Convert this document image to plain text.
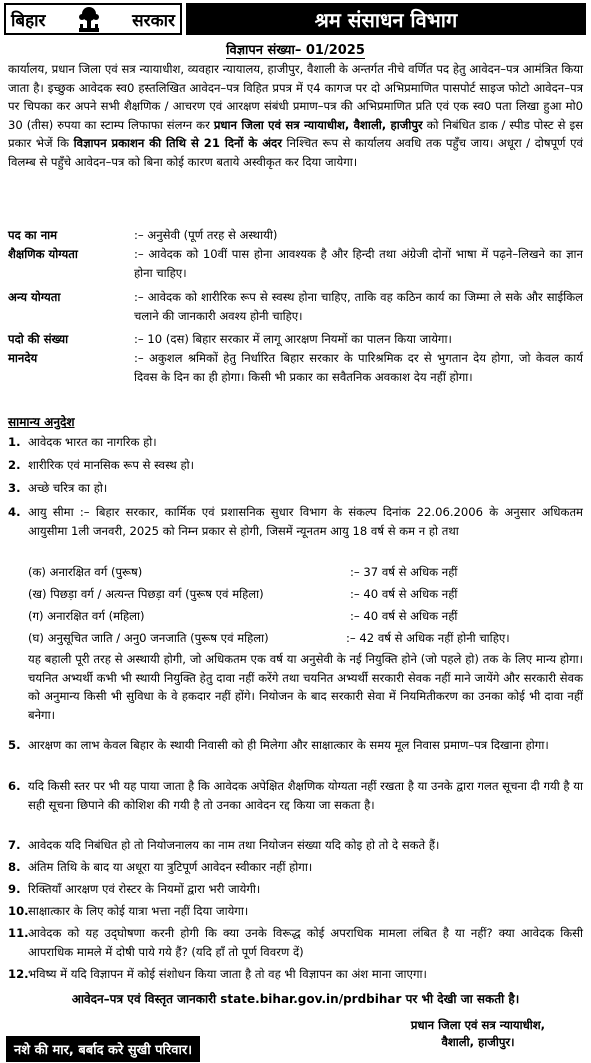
बिहार	सरकार	श्रम संसाधन विभाग
विज्ञापन संख्या– 01/2025
कार्यालय, प्रधान जिला एवं सत्र न्यायाधीश, व्यवहार न्यायालय, हाजीपुर, वैशाली के अन्तर्गत नीचे वर्णित पद हेतु आवेदन–पत्र आमंत्रित किया जाता है। इच्छुक आवेदक स्व0 हस्तलिखित आवेदन–पत्र विहित प्रपत्र में ए4 कागज पर दो अभिप्रमाणित पासपोर्ट साइज फोटो आवेदन–पत्र पर चिपका कर अपने सभी शैक्षणिक / आचरण एवं आरक्षण संबंधी प्रमाण–पत्र की अभिप्रमाणित प्रति एवं एक स्व0 पता लिखा हुआ मो0 30 (तीस) रुपया का स्टाम्प लिफाफा संलग्न कर प्रधान जिला एवं सत्र न्यायाधीश, वैशाली, हाजीपुर को निबंधित डाक / स्पीड पोस्ट से इस प्रकार भेजें कि विज्ञापन प्रकाशन की तिथि से 21 दिनों के अंदर निश्चित रूप से कार्यालय अवधि तक पहुँच जाय। अधूरा / दोषपूर्ण एवं विलम्ब से पहुँचे आवेदन–पत्र को बिना कोई कारण बताये अस्वीकृत कर दिया जायेगा।
पद का नाम	:– अनुसेवी (पूर्ण तरह से अस्थायी)
शैक्षणिक योग्यता	:– आवेदक को 10वीं पास होना आवश्यक है और हिन्दी तथा अंग्रेजी दोनों भाषा में पढ़ने–लिखने का ज्ञान होना चाहिए।
अन्य योग्यता	:– आवेदक को शारीरिक रूप से स्वस्थ होना चाहिए, ताकि वह कठिन कार्य का जिम्मा ले सके और साईकिल चलाने की जानकारी अवश्य होनी चाहिए।
पदो की संख्या	:– 10 (दस) बिहार सरकार में लागू आरक्षण नियमों का पालन किया जायेगा।
मानदेय	:– अकुशल श्रमिकों हेतु निर्धारित बिहार सरकार के पारिश्रमिक दर से भुगतान देय होगा, जो केवल कार्य दिवस के दिन का ही होगा। किसी भी प्रकार का सवैतनिक अवकाश देय नहीं होगा।
सामान्य अनुदेश
1. आवेदक भारत का नागरिक हो।
2. शारीरिक एवं मानसिक रूप से स्वस्थ हो।
3. अच्छे चरित्र का हो।
4. आयु सीमा :– बिहार सरकार, कार्मिक एवं प्रशासनिक सुधार विभाग के संकल्प दिनांक 22.06.2006 के अनुसार अधिकतम आयुसीमा 1ली जनवरी, 2025 को निम्न प्रकार से होगी, जिसमें न्यूनतम आयु 18 वर्ष से कम न हो तथा
(क) अनारक्षित वर्ग (पुरूष)	:– 37 वर्ष से अधिक नहीं
(ख) पिछड़ा वर्ग / अत्यन्त पिछड़ा वर्ग (पुरूष एवं महिला)	:– 40 वर्ष से अधिक नहीं
(ग) अनारक्षित वर्ग (महिला)	:– 40 वर्ष से अधिक नहीं
(घ) अनुसूचित जाति / अनु0 जनजाति (पुरूष एवं महिला)	:– 42 वर्ष से अधिक नहीं होनी चाहिए।
यह बहाली पूरी तरह से अस्थायी होगी, जो अधिकतम एक वर्ष या अनुसेवी के नई नियुक्ति होने (जो पहले हो) तक के लिए मान्य होगा। चयनित अभ्यर्थी कभी भी स्थायी नियुक्ति हेतु दावा नहीं करेंगे तथा चयनित अभ्यर्थी सरकारी सेवक नहीं माने जायेंगे और सरकारी सेवक को अनुमान्य किसी भी सुविधा के वे हकदार नहीं होंगे। नियोजन के बाद सरकारी सेवा में नियमितीकरण का उनका कोई भी दावा नहीं बनेगा।
5. आरक्षण का लाभ केवल बिहार के स्थायी निवासी को ही मिलेगा और साक्षात्कार के समय मूल निवास प्रमाण–पत्र दिखाना होगा।
6. यदि किसी स्तर पर भी यह पाया जाता है कि आवेदक अपेक्षित शैक्षणिक योग्यता नहीं रखता है या उनके द्वारा गलत सूचना दी गयी है या सही सूचना छिपाने की कोशिश की गयी है तो उनका आवेदन रद्द किया जा सकता है।
7. आवेदक यदि निबंधित हो तो नियोजनालय का नाम तथा नियोजन संख्या यदि कोइ हो तो दे सकते हैं।
8. अंतिम तिथि के बाद या अधूरा या त्रुटिपूर्ण आवेदन स्वीकार नहीं होगा।
9. रिक्तियाँ आरक्षण एवं रोस्टर के नियमों द्वारा भरी जायेगी।
10. साक्षात्कार के लिए कोई यात्रा भत्ता नहीं दिया जायेगा।
11. आवेदक को यह उद्‌घोषणा करनी होगी कि क्या उनके विरूद्ध कोई अपराधिक मामला लंबित है या नहीं? क्या आवेदक किसी आपराधिक मामले में दोषी पाये गये हैं? (यदि हाँ तो पूर्ण विवरण दें)
12. भविष्य में यदि विज्ञापन में कोई संशोधन किया जाता है तो वह भी विज्ञापन का अंश माना जाएगा।
आवेदन–पत्र एवं विस्तृत जानकारी state.bihar.gov.in/prdbihar पर भी देखी जा सकती है।
प्रधान जिला एवं सत्र न्यायाधीश,
वैशाली, हाजीपुर।
नशे की मार, बर्बाद करे सुखी परिवार।
